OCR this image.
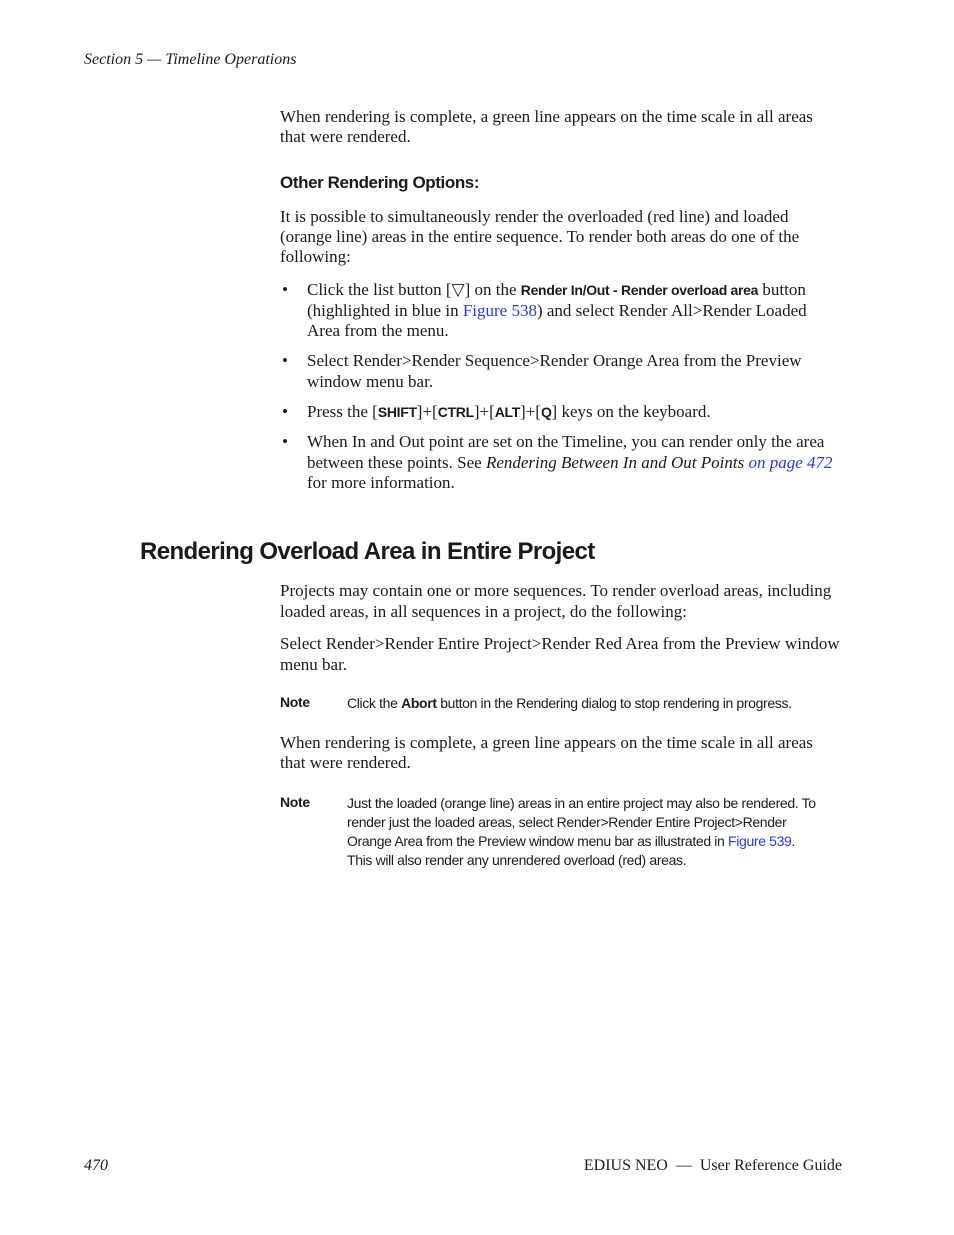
Section 5 — Timeline Operations

When rendering is complete, a green line appears on the time scale in all areas that were rendered.

Other Rendering Options:

It is possible to simultaneously render the overloaded (red line) and loaded (orange line) areas in the entire sequence. To render both areas do one of the following:

• Click the list button [▽] on the Render In/Out - Render overload area button (highlighted in blue in Figure 538) and select Render All>Render Loaded Area from the menu.
• Select Render>Render Sequence>Render Orange Area from the Preview window menu bar.
• Press the [SHIFT]+[CTRL]+[ALT]+[Q] keys on the keyboard.
• When In and Out point are set on the Timeline, you can render only the area between these points. See Rendering Between In and Out Points on page 472 for more information.
Rendering Overload Area in Entire Project

Projects may contain one or more sequences. To render overload areas, including loaded areas, in all sequences in a project, do the following:

Select Render>Render Entire Project>Render Red Area from the Preview window menu bar.

Note	Click the Abort button in the Rendering dialog to stop rendering in progress.

When rendering is complete, a green line appears on the time scale in all areas that were rendered.

Note	Just the loaded (orange line) areas in an entire project may also be rendered. To render just the loaded areas, select Render>Render Entire Project>Render Orange Area from the Preview window menu bar as illustrated in Figure 539. This will also render any unrendered overload (red) areas.
470	EDIUS NEO  —  User Reference Guide
